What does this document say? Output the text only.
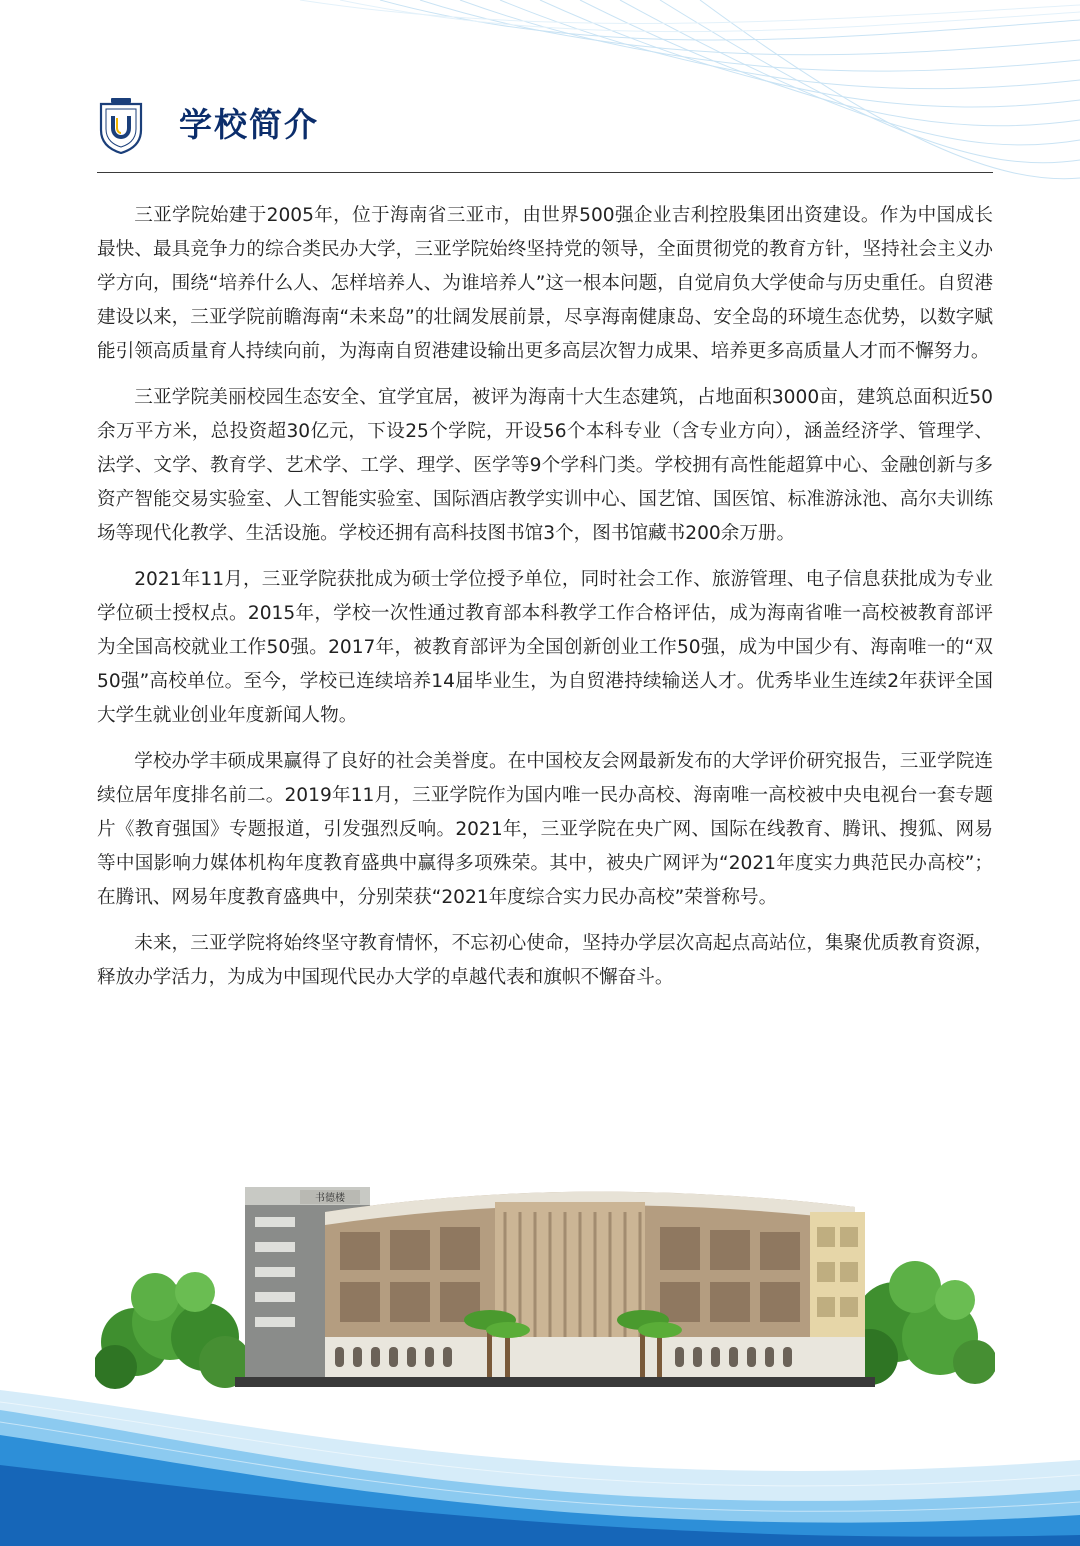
学校简介

三亚学院始建于2005年，位于海南省三亚市，由世界500强企业吉利控股集团出资建设。作为中国成长最快、最具竞争力的综合类民办大学，三亚学院始终坚持党的领导，全面贯彻党的教育方针，坚持社会主义办学方向，围绕“培养什么人、怎样培养人、为谁培养人”这一根本问题，自觉肩负大学使命与历史重任。自贸港建设以来，三亚学院前瞻海南“未来岛”的壮阔发展前景，尽享海南健康岛、安全岛的环境生态优势，以数字赋能引领高质量育人持续向前，为海南自贸港建设输出更多高层次智力成果、培养更多高质量人才而不懈努力。

三亚学院美丽校园生态安全、宜学宜居，被评为海南十大生态建筑，占地面积3000亩，建筑总面积近50余万平方米，总投资超30亿元，下设25个学院，开设56个本科专业（含专业方向），涵盖经济学、管理学、法学、文学、教育学、艺术学、工学、理学、医学等9个学科门类。学校拥有高性能超算中心、金融创新与多资产智能交易实验室、人工智能实验室、国际酒店教学实训中心、国艺馆、国医馆、标准游泳池、高尔夫训练场等现代化教学、生活设施。学校还拥有高科技图书馆3个，图书馆藏书200余万册。

2021年11月，三亚学院获批成为硕士学位授予单位，同时社会工作、旅游管理、电子信息获批成为专业学位硕士授权点。2015年，学校一次性通过教育部本科教学工作合格评估，成为海南省唯一高校被教育部评为全国高校就业工作50强。2017年，被教育部评为全国创新创业工作50强，成为中国少有、海南唯一的“双50强”高校单位。至今，学校已连续培养14届毕业生，为自贸港持续输送人才。优秀毕业生连续2年获评全国大学生就业创业年度新闻人物。

学校办学丰硕成果赢得了良好的社会美誉度。在中国校友会网最新发布的大学评价研究报告，三亚学院连续位居年度排名前二。2019年11月，三亚学院作为国内唯一民办高校、海南唯一高校被中央电视台一套专题片《教育强国》专题报道，引发强烈反响。2021年，三亚学院在央广网、国际在线教育、腾讯、搜狐、网易等中国影响力媒体机构年度教育盛典中赢得多项殊荣。其中，被央广网评为“2021年度实力典范民办高校”；在腾讯、网易年度教育盛典中，分别荣获“2021年度综合实力民办高校”荣誉称号。

未来，三亚学院将始终坚守教育情怀，不忘初心使命，坚持办学层次高起点高站位，集聚优质教育资源，释放办学活力，为成为中国现代民办大学的卓越代表和旗帜不懈奋斗。

书德楼
